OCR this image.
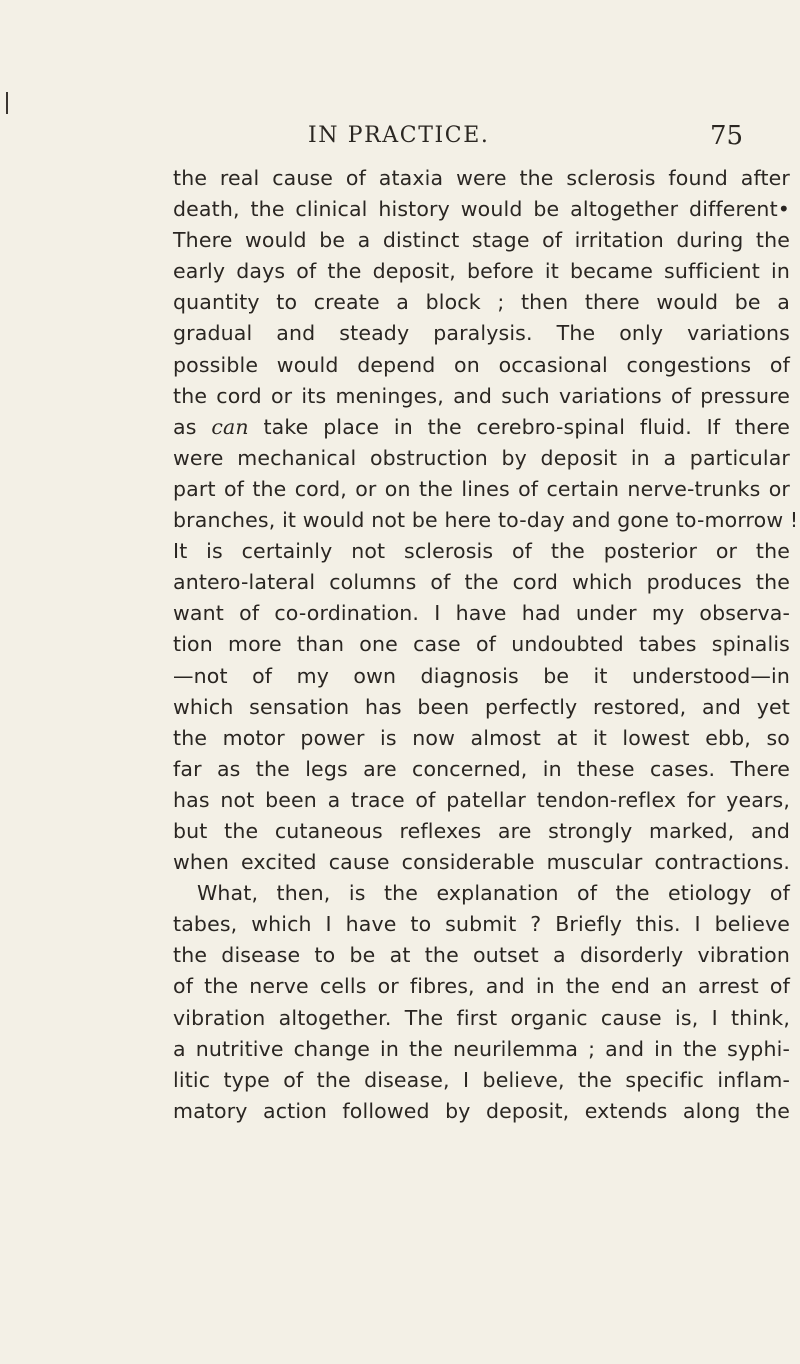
IN PRACTICE.	75
the real cause of ataxia were the sclerosis found after
death, the clinical history would be altogether different•
There would be a distinct stage of irritation during the
early days of the deposit, before it became sufficient in
quantity to create a block ; then there would be a
gradual and steady paralysis. The only variations
possible would depend on occasional congestions of
the cord or its meninges, and such variations of pressure
as can take place in the cerebro-spinal fluid. If there
were mechanical obstruction by deposit in a particular
part of the cord, or on the lines of certain nerve-trunks or
branches, it would not be here to-day and gone to-morrow !
It is certainly not sclerosis of the posterior or the
antero-lateral columns of the cord which produces the
want of co-ordination. I have had under my observa-
tion more than one case of undoubted tabes spinalis
—not of my own diagnosis be it understood—in
which sensation has been perfectly restored, and yet
the motor power is now almost at it lowest ebb, so
far as the legs are concerned, in these cases. There
has not been a trace of patellar tendon-reflex for years,
but the cutaneous reflexes are strongly marked, and
when excited cause considerable muscular contractions.
What, then, is the explanation of the etiology of
tabes, which I have to submit ? Briefly this. I believe
the disease to be at the outset a disorderly vibration
of the nerve cells or fibres, and in the end an arrest of
vibration altogether. The first organic cause is, I think,
a nutritive change in the neurilemma ; and in the syphi-
litic type of the disease, I believe, the specific inflam-
matory action followed by deposit, extends along the
